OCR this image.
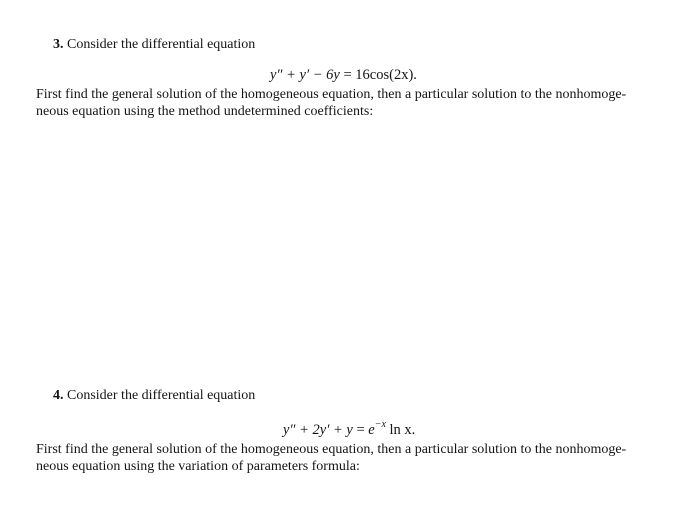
3. Consider the differential equation
y″ + y′ − 6y = 16cos(2x).
First find the general solution of the homogeneous equation, then a particular solution to the nonhomoge-
neous equation using the method undetermined coefficients:
4. Consider the differential equation
$y'' + 2y' + y = e^{-x}$ ln x.
First find the general solution of the homogeneous equation, then a particular solution to the nonhomoge-
neous equation using the variation of parameters formula:
